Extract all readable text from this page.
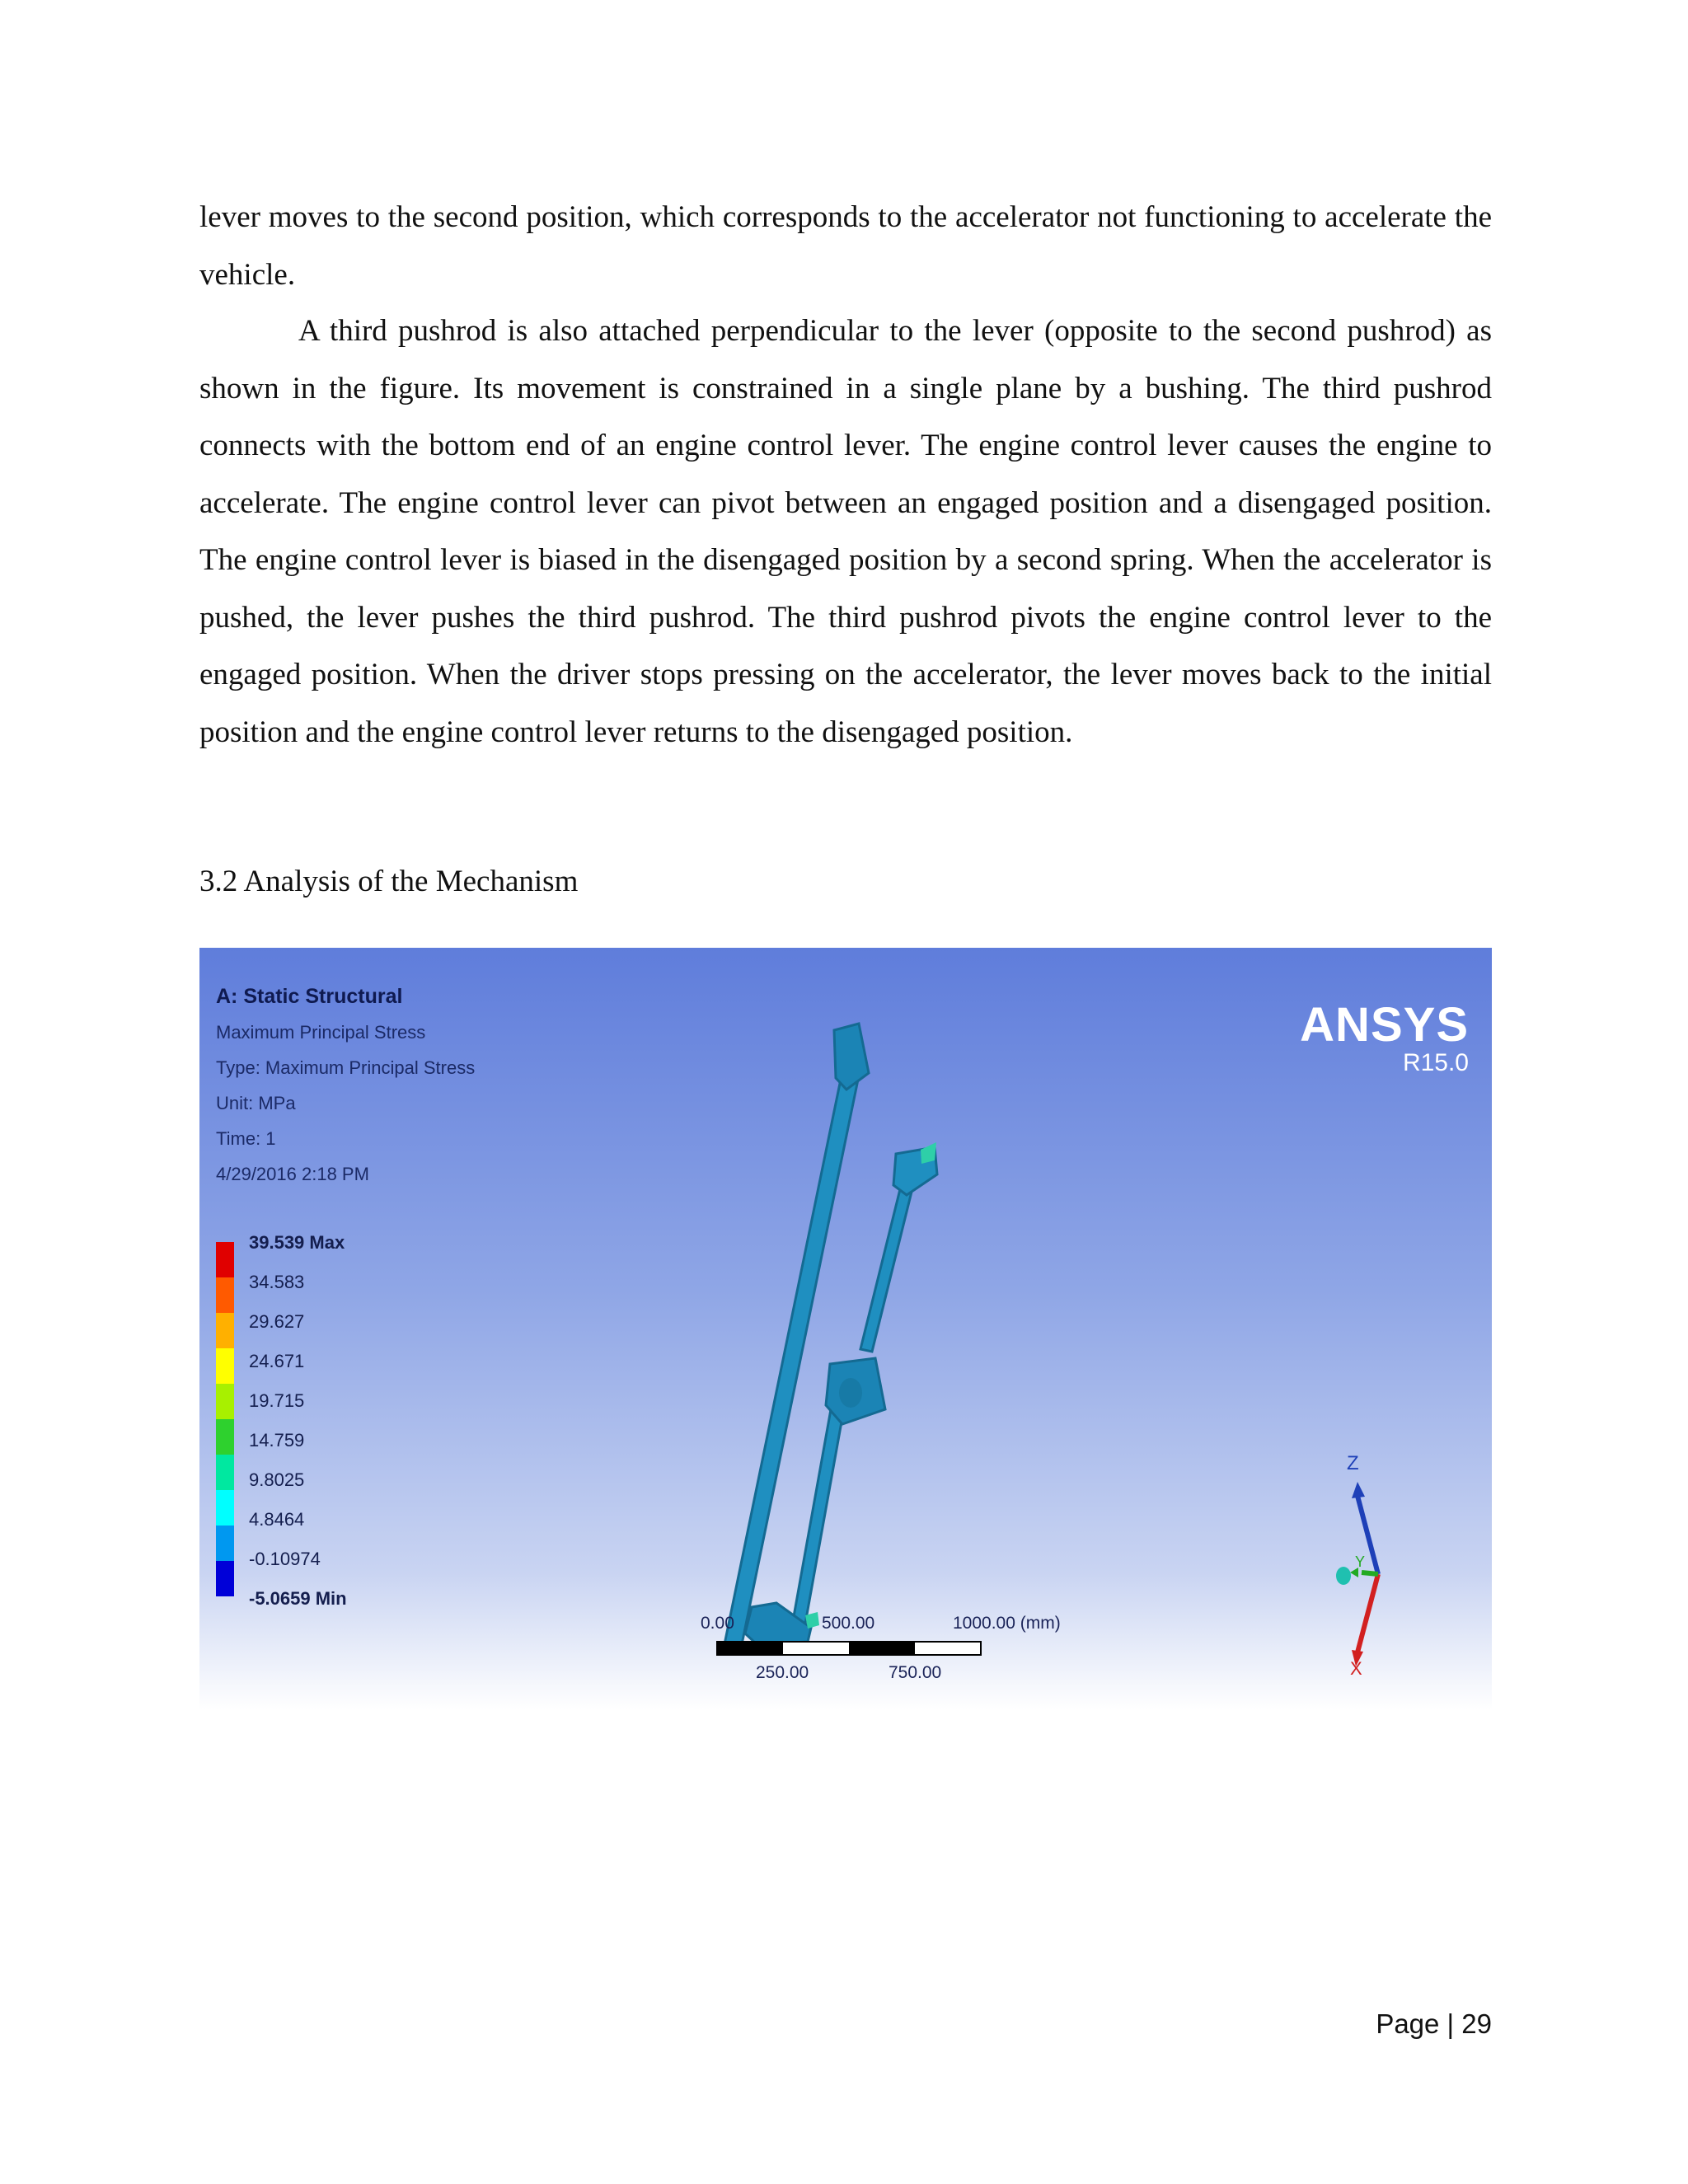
lever moves to the second position, which corresponds to the accelerator not functioning to accelerate the vehicle.

A third pushrod is also attached perpendicular to the lever (opposite to the second pushrod) as shown in the figure. Its movement is constrained in a single plane by a bushing. The third pushrod connects with the bottom end of an engine control lever. The engine control lever causes the engine to accelerate. The engine control lever can pivot between an engaged position and a disengaged position. The engine control lever is biased in the disengaged position by a second spring. When the accelerator is pushed, the lever pushes the third pushrod. The third pushrod pivots the engine control lever to the engaged position. When the driver stops pressing on the accelerator, the lever moves back to the initial position and the engine control lever returns to the disengaged position.

3.2 Analysis of the Mechanism
A: Static Structural
Maximum Principal Stress
Type: Maximum Principal Stress
Unit: MPa
Time: 1
4/29/2016 2:18 PM
39.539 Max
34.583
29.627
24.671
19.715
14.759
9.8025
4.8464
-0.10974
-5.0659 Min
ANSYS
R15.0
0.00	500.00	1000.00 (mm)
250.00	750.00
Z
Y
X
Page | 29
